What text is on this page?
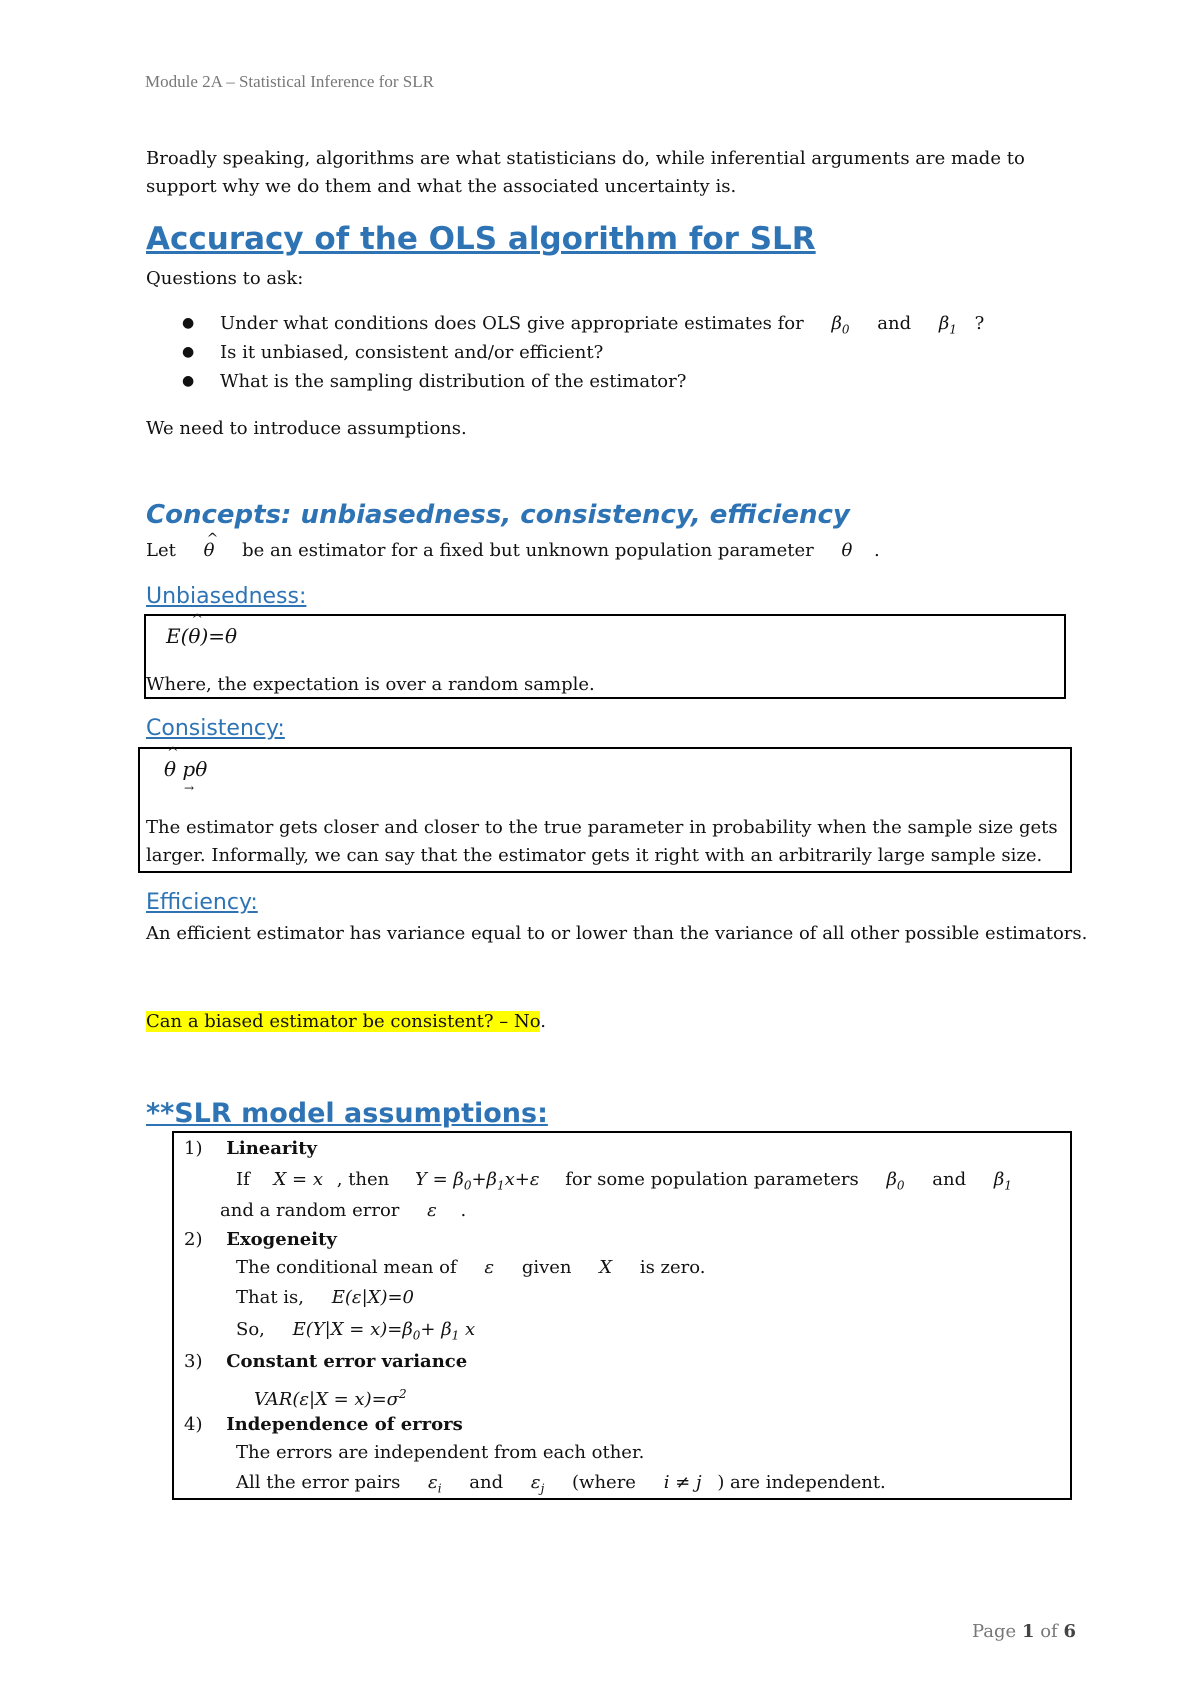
Module 2A – Statistical Inference for SLR
Broadly speaking, algorithms are what statisticians do, while inferential arguments are made to
support why we do them and what the associated uncertainty is.
Accuracy of the OLS algorithm for SLR
Questions to ask:
● Under what conditions does OLS give appropriate estimates for $\beta_0$ and $\beta_1$ ?
● Is it unbiased, consistent and/or efficient?
● What is the sampling distribution of the estimator?
We need to introduce assumptions.
Concepts: unbiasedness, consistency, efficiency
Let θ ^ be an estimator for a fixed but unknown population parameter θ .
Unbiasedness:
E(θ ^)=θ
Where, the expectation is over a random sample.
Consistency:
θ ^ pθ
→
The estimator gets closer and closer to the true parameter in probability when the sample size gets
larger. Informally, we can say that the estimator gets it right with an arbitrarily large sample size.
Efficiency:
An efficient estimator has variance equal to or lower than the variance of all other possible estimators.
Can a biased estimator be consistent? – No.
**SLR model assumptions:
1) Linearity
If X = x , then $Y = \beta_0+\beta_1x+\varepsilon$ for some population parameters $\beta_0$ and $\beta_1$
and a random error ε .
2) Exogeneity
The conditional mean of ε given X is zero.
That is, E(ε|X)=0
So, $E(Y|X = x)=\beta_0+ \beta_1$ x
3) Constant error variance
$VAR(\varepsilon|X = x)=\sigma^2$
4) Independence of errors
The errors are independent from each other.
All the error pairs $\varepsilon_i$ and $\varepsilon_j$ (where i ≠ j ) are independent.
Page 1 of 6
